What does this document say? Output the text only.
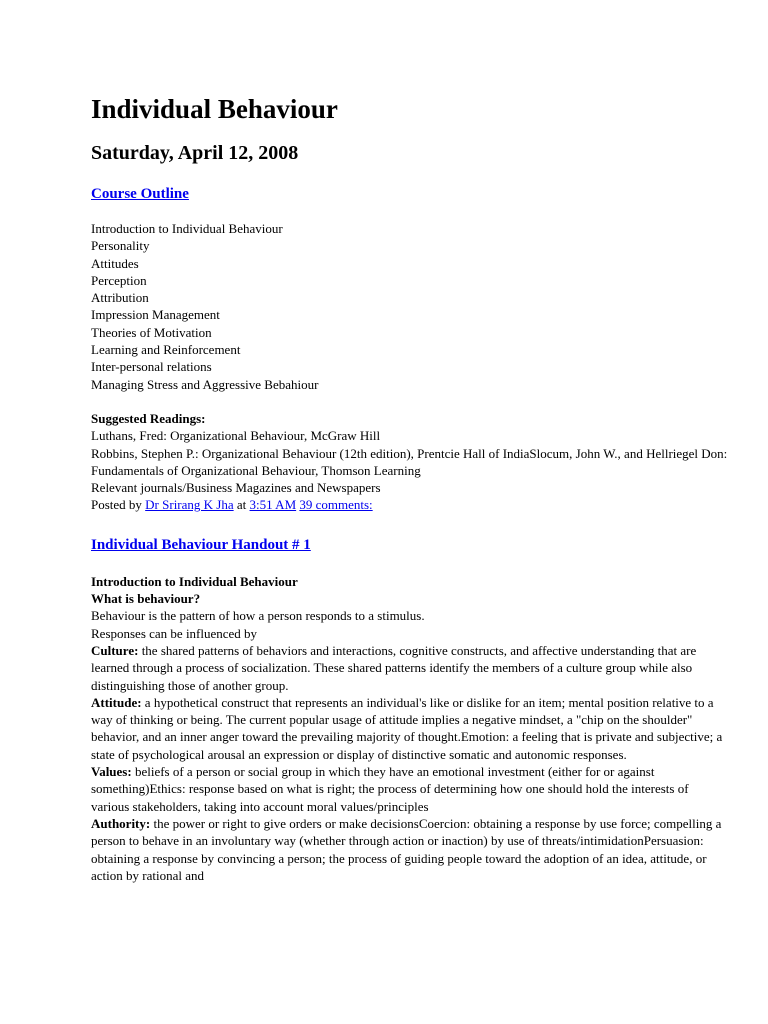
Individual Behaviour
Saturday, April 12, 2008
Course Outline
Introduction to Individual Behaviour
Personality
Attitudes
Perception
Attribution
Impression Management
Theories of Motivation
Learning and Reinforcement
Inter-personal relations
Managing Stress and Aggressive Bebahiour
Suggested Readings:
Luthans, Fred: Organizational Behaviour, McGraw Hill
Robbins, Stephen P.: Organizational Behaviour (12th edition), Prentcie Hall of IndiaSlocum, John W., and Hellriegel Don: Fundamentals of Organizational Behaviour, Thomson Learning
Relevant journals/Business Magazines and Newspapers
Posted by Dr Srirang K Jha at 3:51 AM 39 comments:
Individual Behaviour Handout # 1
Introduction to Individual Behaviour
What is behaviour?
Behaviour is the pattern of how a person responds to a stimulus.
Responses can be influenced by
Culture: the shared patterns of behaviors and interactions, cognitive constructs, and affective understanding that are learned through a process of socialization. These shared patterns identify the members of a culture group while also distinguishing those of another group.
Attitude: a hypothetical construct that represents an individual's like or dislike for an item; mental position relative to a way of thinking or being. The current popular usage of attitude implies a negative mindset, a "chip on the shoulder" behavior, and an inner anger toward the prevailing majority of thought.Emotion: a feeling that is private and subjective; a state of psychological arousal an expression or display of distinctive somatic and autonomic responses.
Values: beliefs of a person or social group in which they have an emotional investment (either for or against something)Ethics: response based on what is right; the process of determining how one should hold the interests of various stakeholders, taking into account moral values/principles
Authority: the power or right to give orders or make decisionsCoercion: obtaining a response by use force; compelling a person to behave in an involuntary way (whether through action or inaction) by use of threats/intimidationPersuasion: obtaining a response by convincing a person; the process of guiding people toward the adoption of an idea, attitude, or action by rational and
